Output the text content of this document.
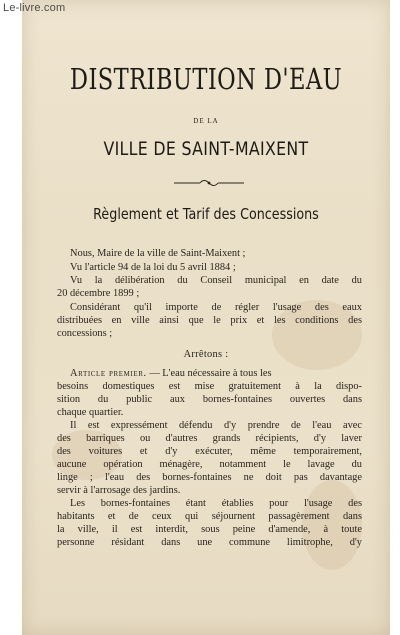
Le-livre.com
DISTRIBUTION D'EAU
DE LA
VILLE DE SAINT-MAIXENT
Règlement et Tarif des Concessions
Nous, Maire de la ville de Saint-Maixent ;
Vu l'article 94 de la loi du 5 avril 1884 ;
Vu la délibération du Conseil municipal en date du
20 décembre 1899 ;
Considérant qu'il importe de régler l'usage des eaux
distribuées en ville ainsi que le prix et les conditions des
concessions ;
Arrêtons :
Article premier. — L'eau nécessaire à tous les
besoins domestiques est mise gratuitement à la dispo-
sition du public aux bornes-fontaines ouvertes dans
chaque quartier.
Il est expressément défendu d'y prendre de l'eau avec
des barriques ou d'autres grands récipients, d'y laver
des voitures et d'y exécuter, même temporairement,
aucune opération ménagère, notamment le lavage du
linge ; l'eau des bornes-fontaines ne doit pas davantage
servir à l'arrosage des jardins.
Les bornes-fontaines étant établies pour l'usage des
habitants et de ceux qui séjournent passagèrement dans
la ville, il est interdit, sous peine d'amende, à toute
personne résidant dans une commune limitrophe, d'y
